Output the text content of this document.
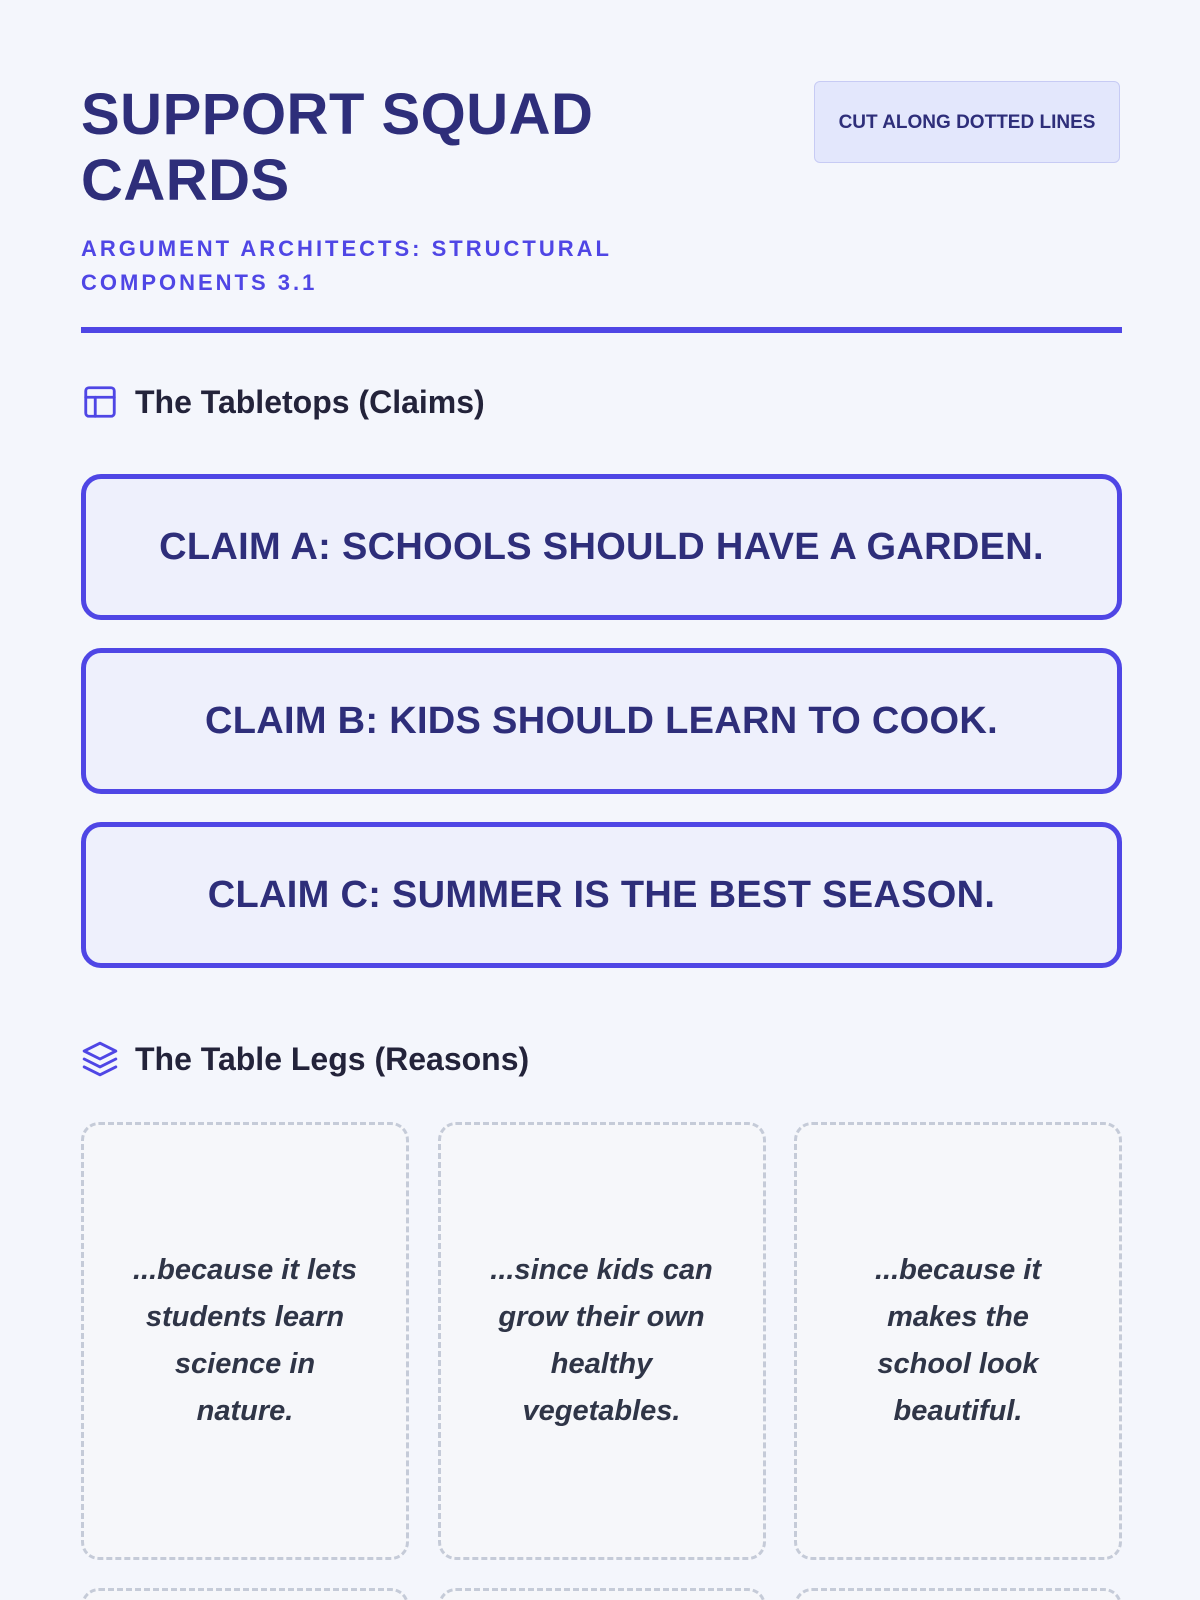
SUPPORT SQUAD CARDS
ARGUMENT ARCHITECTS: STRUCTURAL COMPONENTS 3.1
CUT ALONG DOTTED LINES
The Tabletops (Claims)
CLAIM A: SCHOOLS SHOULD HAVE A GARDEN.
CLAIM B: KIDS SHOULD LEARN TO COOK.
CLAIM C: SUMMER IS THE BEST SEASON.
The Table Legs (Reasons)
...because it lets students learn science in nature.
...since kids can grow their own healthy vegetables.
...because it makes the school look beautiful.
